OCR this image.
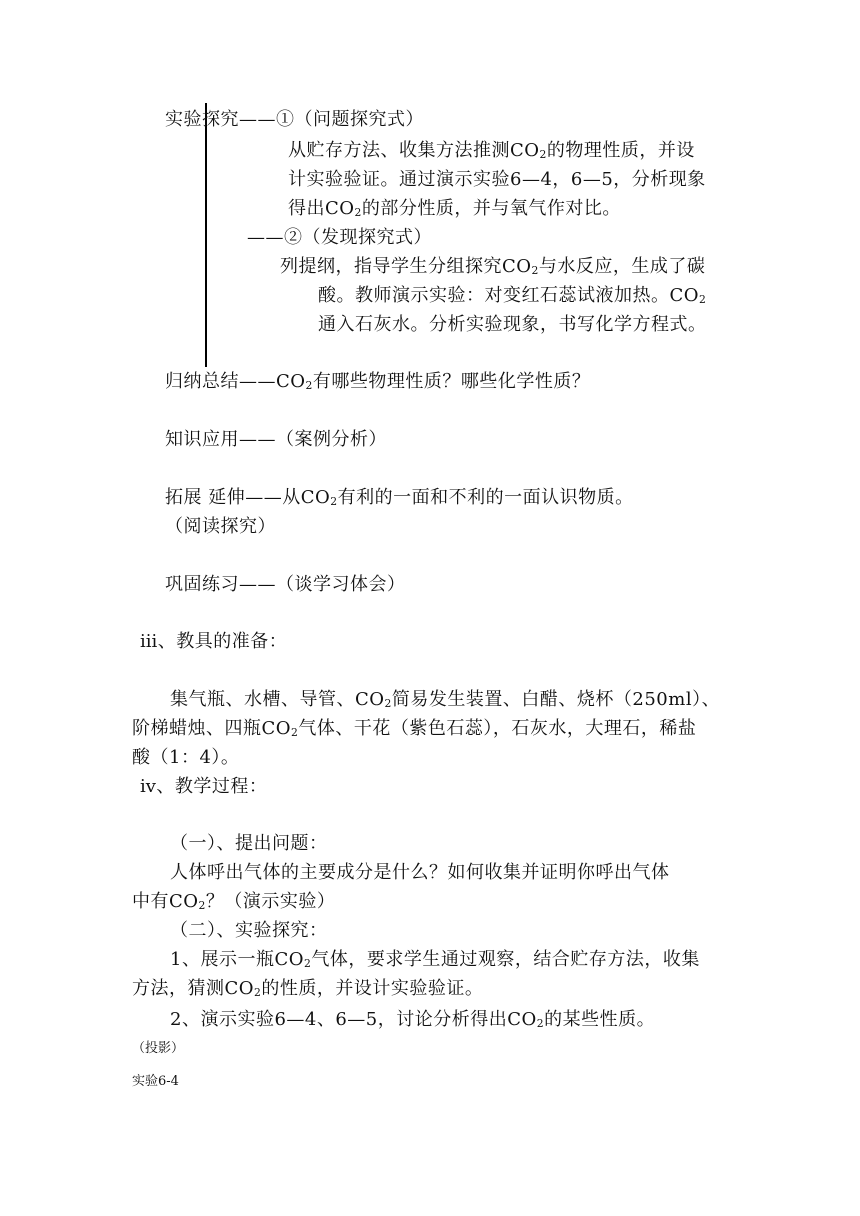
实验探究——①（问题探究式）
从贮存方法、收集方法推测$CO_2$的物理性质，并设
计实验验证。通过演示实验6—4，6—5，分析现象
得出$CO_2$的部分性质，并与氧气作对比。
——②（发现探究式）
列提纲，指导学生分组探究$CO_2$与水反应，生成了碳
酸。教师演示实验：对变红石蕊试液加热。$CO_2$
通入石灰水。分析实验现象，书写化学方程式。
归纳总结$——CO_2$有哪些物理性质？哪些化学性质？
知识应用——（案例分析）
拓展 延伸——从$CO_2$有利的一面和不利的一面认识物质。
（阅读探究）
巩固练习——（谈学习体会）
ⅲ、教具的准备：
集气瓶、水槽、导管、$CO_2$简易发生装置、白醋、烧杯（250ml）、
阶梯蜡烛、四瓶$CO_2$气体、干花（紫色石蕊），石灰水，大理石，稀盐
酸（1：4）。
ⅳ、教学过程：
（一）、提出问题：
人体呼出气体的主要成分是什么？如何收集并证明你呼出气体
中有$CO_2$？（演示实验）
（二）、实验探究：
1、展示一瓶$CO_2$气体，要求学生通过观察，结合贮存方法，收集
方法，猜测$CO_2$的性质，并设计实验验证。
2、演示实验6—4、6—5，讨论分析得出$CO_2$的某些性质。
（投影）
实验6-4
